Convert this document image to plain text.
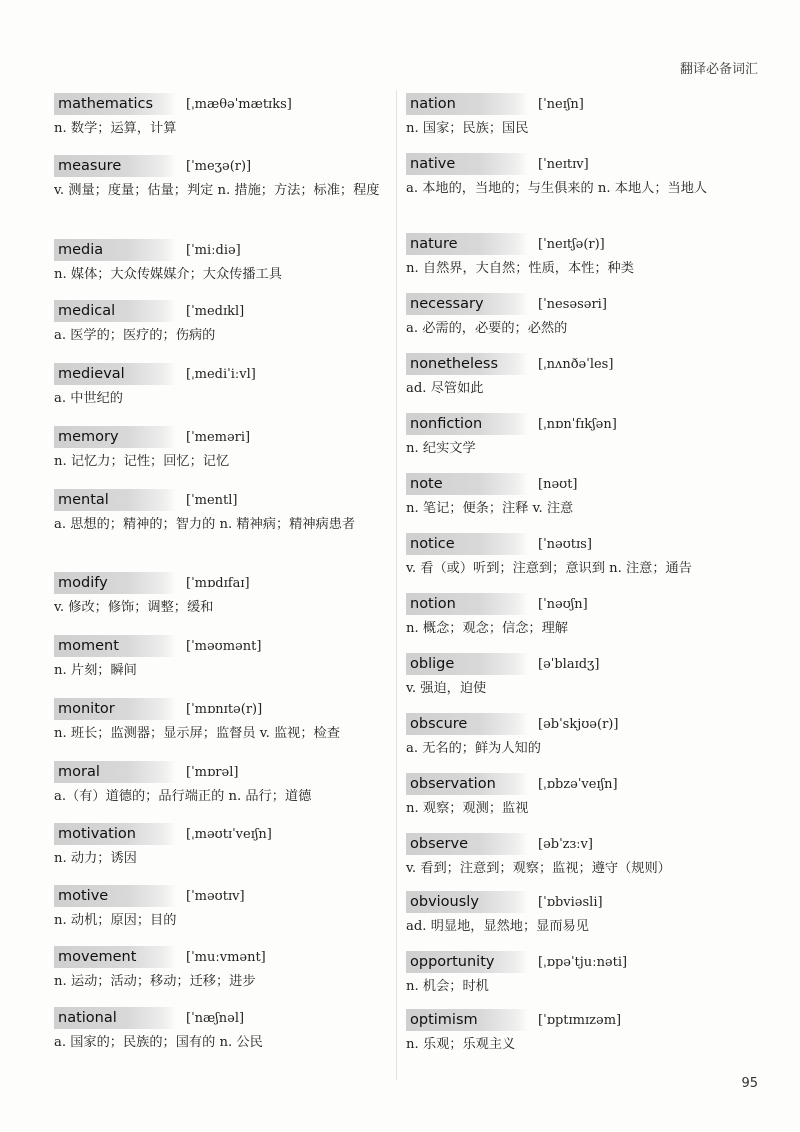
翻译必备词汇
mathematics	[ˌmæθəˈmætɪks]
n. 数学；运算，计算
measure	[ˈmeʒə(r)]
v. 测量；度量；估量；判定 n. 措施；方法；标准；程度
media	[ˈmiːdiə]
n. 媒体；大众传媒媒介；大众传播工具
medical	[ˈmedɪkl]
a. 医学的；医疗的；伤病的
medieval	[ˌmediˈiːvl]
a. 中世纪的
memory	[ˈmeməri]
n. 记忆力；记性；回忆；记忆
mental	[ˈmentl]
a. 思想的；精神的；智力的 n. 精神病；精神病患者
modify	[ˈmɒdɪfaɪ]
v. 修改；修饰；调整；缓和
moment	[ˈməʊmənt]
n. 片刻；瞬间
monitor	[ˈmɒnɪtə(r)]
n. 班长；监测器；显示屏；监督员 v. 监视；检查
moral	[ˈmɒrəl]
a.（有）道德的；品行端正的 n. 品行；道德
motivation	[ˌməʊtɪˈveɪʃn]
n. 动力；诱因
motive	[ˈməʊtɪv]
n. 动机；原因；目的
movement	[ˈmuːvmənt]
n. 运动；活动；移动；迁移；进步
national	[ˈnæʃnəl]
a. 国家的；民族的；国有的 n. 公民
nation	[ˈneɪʃn]
n. 国家；民族；国民
native	[ˈneɪtɪv]
a. 本地的，当地的；与生俱来的 n. 本地人；当地人
nature	[ˈneɪtʃə(r)]
n. 自然界，大自然；性质，本性；种类
necessary	[ˈnesəsəri]
a. 必需的，必要的；必然的
nonetheless	[ˌnʌnðəˈles]
ad. 尽管如此
nonfiction	[ˌnɒnˈfɪkʃən]
n. 纪实文学
note	[nəʊt]
n. 笔记；便条；注释 v. 注意
notice	[ˈnəʊtɪs]
v. 看（或）听到；注意到；意识到 n. 注意；通告
notion	[ˈnəʊʃn]
n. 概念；观念；信念；理解
oblige	[əˈblaɪdʒ]
v. 强迫，迫使
obscure	[əbˈskjʊə(r)]
a. 无名的；鲜为人知的
observation	[ˌɒbzəˈveɪʃn]
n. 观察；观测；监视
observe	[əbˈzɜːv]
v. 看到；注意到；观察；监视；遵守（规则）
obviously	[ˈɒbviəsli]
ad. 明显地，显然地；显而易见
opportunity	[ˌɒpəˈtjuːnəti]
n. 机会；时机
optimism	[ˈɒptɪmɪzəm]
n. 乐观；乐观主义
95
